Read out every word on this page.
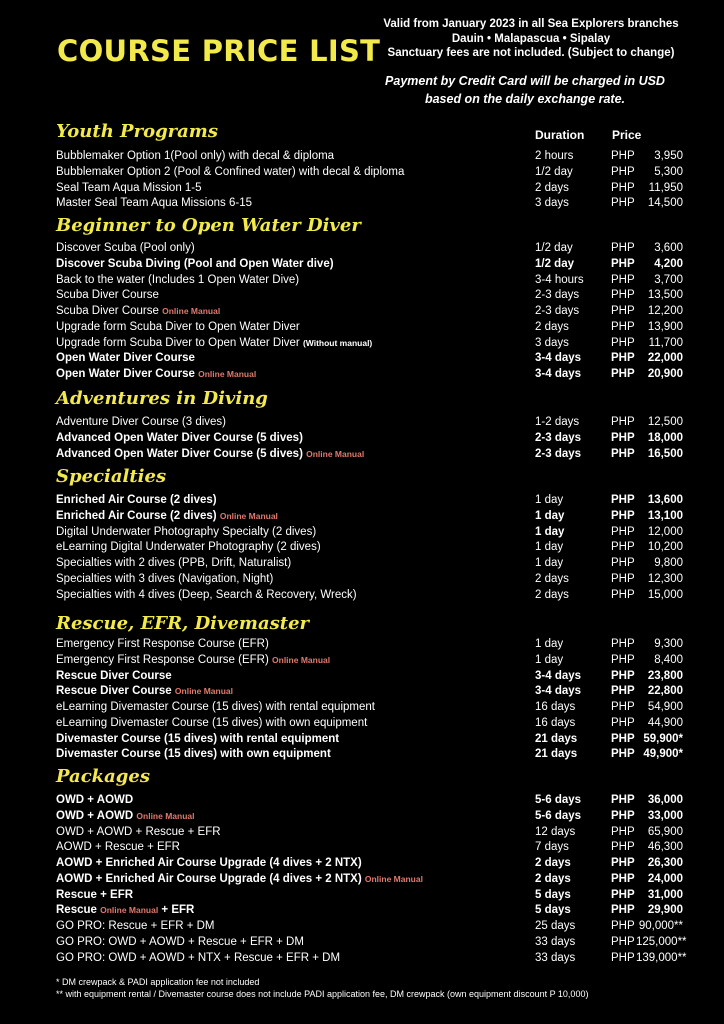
COURSE PRICE LIST
Valid from January 2023 in all Sea Explorers branches
Dauin • Malapascua • Sipalay
Sanctuary fees are not included. (Subject to change)
Payment by Credit Card will be charged in USD
based on the daily exchange rate.
Duration Price
Youth Programs
Bubblemaker Option 1(Pool only) with decal & diploma	2 hours	PHP	3,950
Bubblemaker Option 2 (Pool & Confined water) with decal & diploma	1/2 day	PHP	5,300
Seal Team Aqua Mission 1-5	2 days	PHP	11,950
Master Seal Team Aqua Missions 6-15	3 days	PHP	14,500
Beginner to Open Water Diver
Discover Scuba (Pool only)	1/2 day	PHP	3,600
Discover Scuba Diving (Pool and Open Water dive)	1/2 day	PHP	4,200
Back to the water (Includes 1 Open Water Dive)	3-4 hours PHP	3,700
Scuba Diver Course	2-3 days	PHP	13,500
Scuba Diver Course Online Manual	2-3 days	PHP	12,200
Upgrade form Scuba Diver to Open Water Diver	2 days	PHP	13,900
Upgrade form Scuba Diver to Open Water Diver (Without manual)	3 days	PHP	11,700
Open Water Diver Course	3-4 days	PHP	22,000
Open Water Diver Course Online Manual	3-4 days	PHP	20,900
Adventures in Diving
Adventure Diver Course (3 dives)	1-2 days	PHP	12,500
Advanced Open Water Diver Course (5 dives)	2-3 days	PHP	18,000
Advanced Open Water Diver Course (5 dives) Online Manual	2-3 days	PHP	16,500
Specialties
Enriched Air Course (2 dives)	1 day	PHP	13,600
Enriched Air Course (2 dives) Online Manual	1 day	PHP	13,100
Digital Underwater Photography Specialty (2 dives)	1 day	PHP	12,000
eLearning Digital Underwater Photography (2 dives)	1 day	PHP	10,200
Specialties with 2 dives (PPB, Drift, Naturalist)	1 day	PHP	9,800
Specialties with 3 dives (Navigation, Night)	2 days	PHP	12,300
Specialties with 4 dives (Deep, Search & Recovery, Wreck)	2 days	PHP	15,000
Rescue, EFR, Divemaster
Emergency First Response Course (EFR)	1 day	PHP	9,300
Emergency First Response Course (EFR) Online Manual	1 day	PHP	8,400
Rescue Diver Course	3-4 days	PHP	23,800
Rescue Diver Course Online Manual	3-4 days	PHP	22,800
eLearning Divemaster Course (15 dives) with rental equipment	16 days	PHP	54,900
eLearning Divemaster Course (15 dives) with own equipment	16 days	PHP	44,900
Divemaster Course (15 dives) with rental equipment	21 days	PHP 59,900*
Divemaster Course (15 dives) with own equipment	21 days	PHP 49,900*
Packages
OWD + AOWD	5-6 days	PHP	36,000
OWD + AOWD Online Manual	5-6 days	PHP	33,000
OWD + AOWD + Rescue + EFR	12 days	PHP	65,900
AOWD + Rescue + EFR	7 days	PHP	46,300
AOWD + Enriched Air Course Upgrade (4 dives + 2 NTX)	2 days	PHP	26,300
AOWD + Enriched Air Course Upgrade (4 dives + 2 NTX) Online Manual	2 days	PHP	24,000
Rescue + EFR	5 days	PHP	31,000
Rescue Online Manual + EFR	5 days	PHP	29,900
GO PRO: Rescue + EFR + DM	25 days	PHP 90,000**
GO PRO: OWD + AOWD + Rescue + EFR + DM	33 days	PHP 125,000**
GO PRO: OWD + AOWD + NTX + Rescue + EFR + DM	33 days	PHP 139,000**
* DM crewpack & PADI application fee not included
** with equipment rental / Divemaster course does not include PADI application fee, DM crewpack (own equipment discount P 10,000)
